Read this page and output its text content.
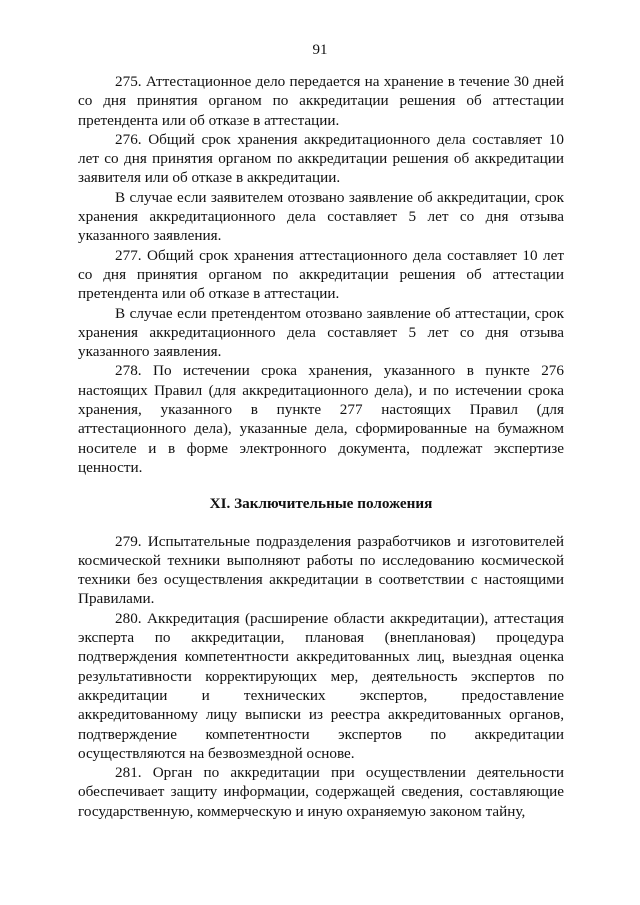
91

275. Аттестационное дело передается на хранение в течение 30 дней со дня принятия органом по аккредитации решения об аттестации претендента или об отказе в аттестации.

276. Общий срок хранения аккредитационного дела составляет 10 лет со дня принятия органом по аккредитации решения об аккредитации заявителя или об отказе в аккредитации.

В случае если заявителем отозвано заявление об аккредитации, срок хранения аккредитационного дела составляет 5 лет со дня отзыва указанного заявления.

277. Общий срок хранения аттестационного дела составляет 10 лет со дня принятия органом по аккредитации решения об аттестации претендента или об отказе в аттестации.

В случае если претендентом отозвано заявление об аттестации, срок хранения аккредитационного дела составляет 5 лет со дня отзыва указанного заявления.

278. По истечении срока хранения, указанного в пункте 276 настоящих Правил (для аккредитационного дела), и по истечении срока хранения, указанного в пункте 277 настоящих Правил (для аттестационного дела), указанные дела, сформированные на бумажном носителе и в форме электронного документа, подлежат экспертизе ценности.

XI. Заключительные положения

279. Испытательные подразделения разработчиков и изготовителей космической техники выполняют работы по исследованию космической техники без осуществления аккредитации в соответствии с настоящими Правилами.

280. Аккредитация (расширение области аккредитации), аттестация эксперта по аккредитации, плановая (внеплановая) процедура подтверждения компетентности аккредитованных лиц, выездная оценка результативности корректирующих мер, деятельность экспертов по аккредитации и технических экспертов, предоставление аккредитованному лицу выписки из реестра аккредитованных органов, подтверждение компетентности экспертов по аккредитации осуществляются на безвозмездной основе.

281. Орган по аккредитации при осуществлении деятельности обеспечивает защиту информации, содержащей сведения, составляющие государственную, коммерческую и иную охраняемую законом тайну,
